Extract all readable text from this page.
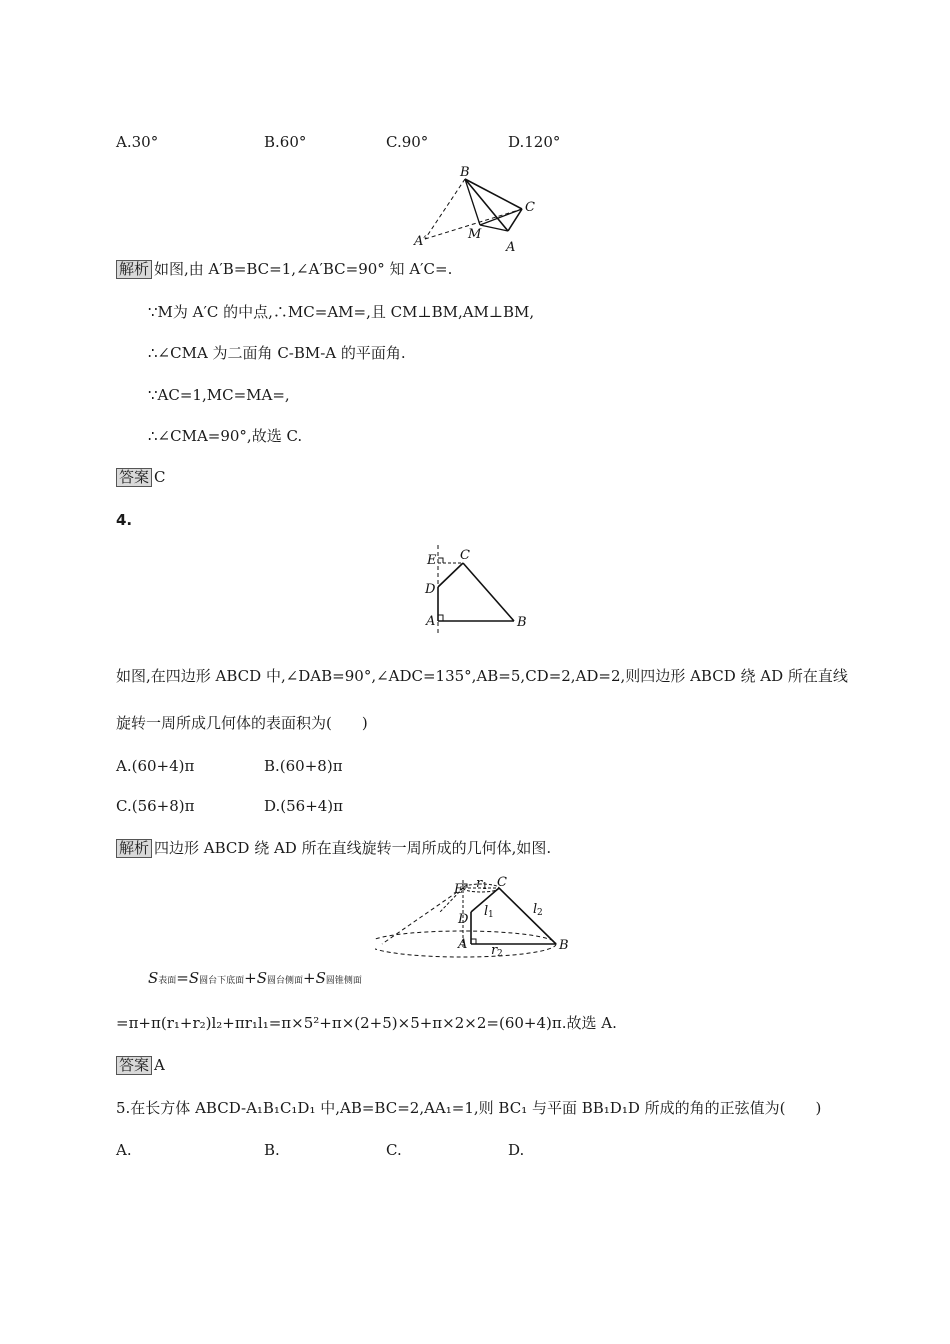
A.30°	B.60°	C.90°	D.120°
B
C
A
M
A′
解析 如图,由 A′B=BC=1,∠A′BC=90° 知 A′C=.
∵M为 A′C 的中点,∴MC=AM=,且 CM⊥BM,AM⊥BM,
∴∠CMA 为二面角 C-BM-A 的平面角.
∵AC=1,MC=MA=,
∴∠CMA=90°,故选 C.
答案 C
4.
E C
D
A	B
如图,在四边形 ABCD 中,∠DAB=90°,∠ADC=135°,AB=5,CD=2,AD=2,则四边形 ABCD 绕 AD 所在直线
旋转一周所成几何体的表面积为(　　)
A.(60+4)π	B.(60+8)π
C.(56+8)π	D.(56+4)π
解析 四边形 ABCD 绕 AD 所在直线旋转一周所成的几何体,如图.
E r 1 C
l 1	l 2
D
A r 2
B
S表面=S圆台下底面+S圆台侧面+S圆锥侧面
=π+π(r₁+r₂)l₂+πr₁l₁=π×5²+π×(2+5)×5+π×2×2=(60+4)π.故选 A.
答案 A
5.在长方体 ABCD-A₁B₁C₁D₁ 中,AB=BC=2,AA₁=1,则 BC₁ 与平面 BB₁D₁D 所成的角的正弦值为(　　)
A.	B.	C.	D.
